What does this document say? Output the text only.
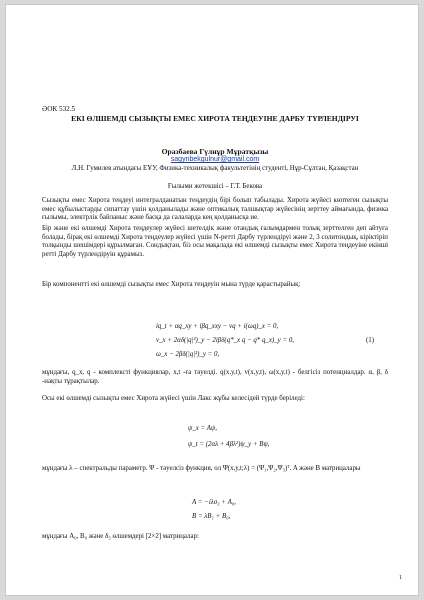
ӘОК 532.5
ЕКІ ӨЛШЕМДІ СЫЗЫҚТЫ ЕМЕС ХИРОТА ТЕҢДЕУІНЕ ДАРБУ ТҮРЛЕНДІРУІ
Оразбаева Гүлнұр Мұратқызы
sagynbekgulnur@gmail.com
Л.Н. Гумилев атындағы ЕҰУ, Физика-техникалық факультетінің студенті, Нұр-Сұлтан, Қазақстан
Ғылыми жетекшісі – Г.Т. Бекова
Сызықты емес Хирота теңдеуі интегралданатын теңдеудің бірі болып табылады. Хирота жүйесі көптеген сызықты емес құбылыстарды сипаттау үшін қолданылады және оптикалық талшықтар жүйесінің зерттеу аймағында, физика ғылымы, электрлік байланыс және басқа да салаларда кең қолданысқа ие.
Бір және екі өлшемді Хирота теңдеулер жүйесі шетелдік және отандық ғалымдармен толық зерттелген деп айтуға болады, бірақ екі өлшемді Хирота теңдеулер жүйесі үшін N-ретті Дарбу түрлендіруі және 2, 3 солитондық, кіріктіріп толқынды шешімдері құрылмаған. Сондықтан, біз осы мақалада екі өлшемді сызықты емес Хирота теңдеуіне екінші ретті Дарбу түрлендіруін құрамыз.
Бір компонентті екі өлшемді сызықты емес Хирота теңдеуін мына түрде қарастырайық:
iq_t + αq_xy + iβq_xxy − vq + i(ωq)_x = 0,
v_x + 2αδ(|q|²)_y − 2iβδ(q*_x q − q* q_x)_y = 0,
ω_x − 2βδ(|q|²)_y = 0,
(1)
мұндағы, q_x, q - комплексті функциялар, x,t -ға тәуелді. q(x,y,t), v(x,y,t), ω(x,y,t) - белгісіз потенциалдар. α, β, δ -нақты тұрақтылар.
Осы екі өлшемді сызықты емес Хирота жүйесі үшін Лакс жұбы келесідей түрде беріледі:
ψ_x = Aψ,
ψ_t = (2αλ + 4βλ²)ψ_y + Bψ,
мұндағы λ – спектральды параметр. Ψ - тәуелсіз функция, ол Ψ(x,y,t;λ) = (Ψ₁,Ψ₂,Ψ₃)ᵀ. A және B матрицалары
A = −iλσ₃ + A₀,
B = λB₁ + B₀,
мұндағы A₀, B₀ және δ₃ өлшемдері [2×2] матрицалар:
1
